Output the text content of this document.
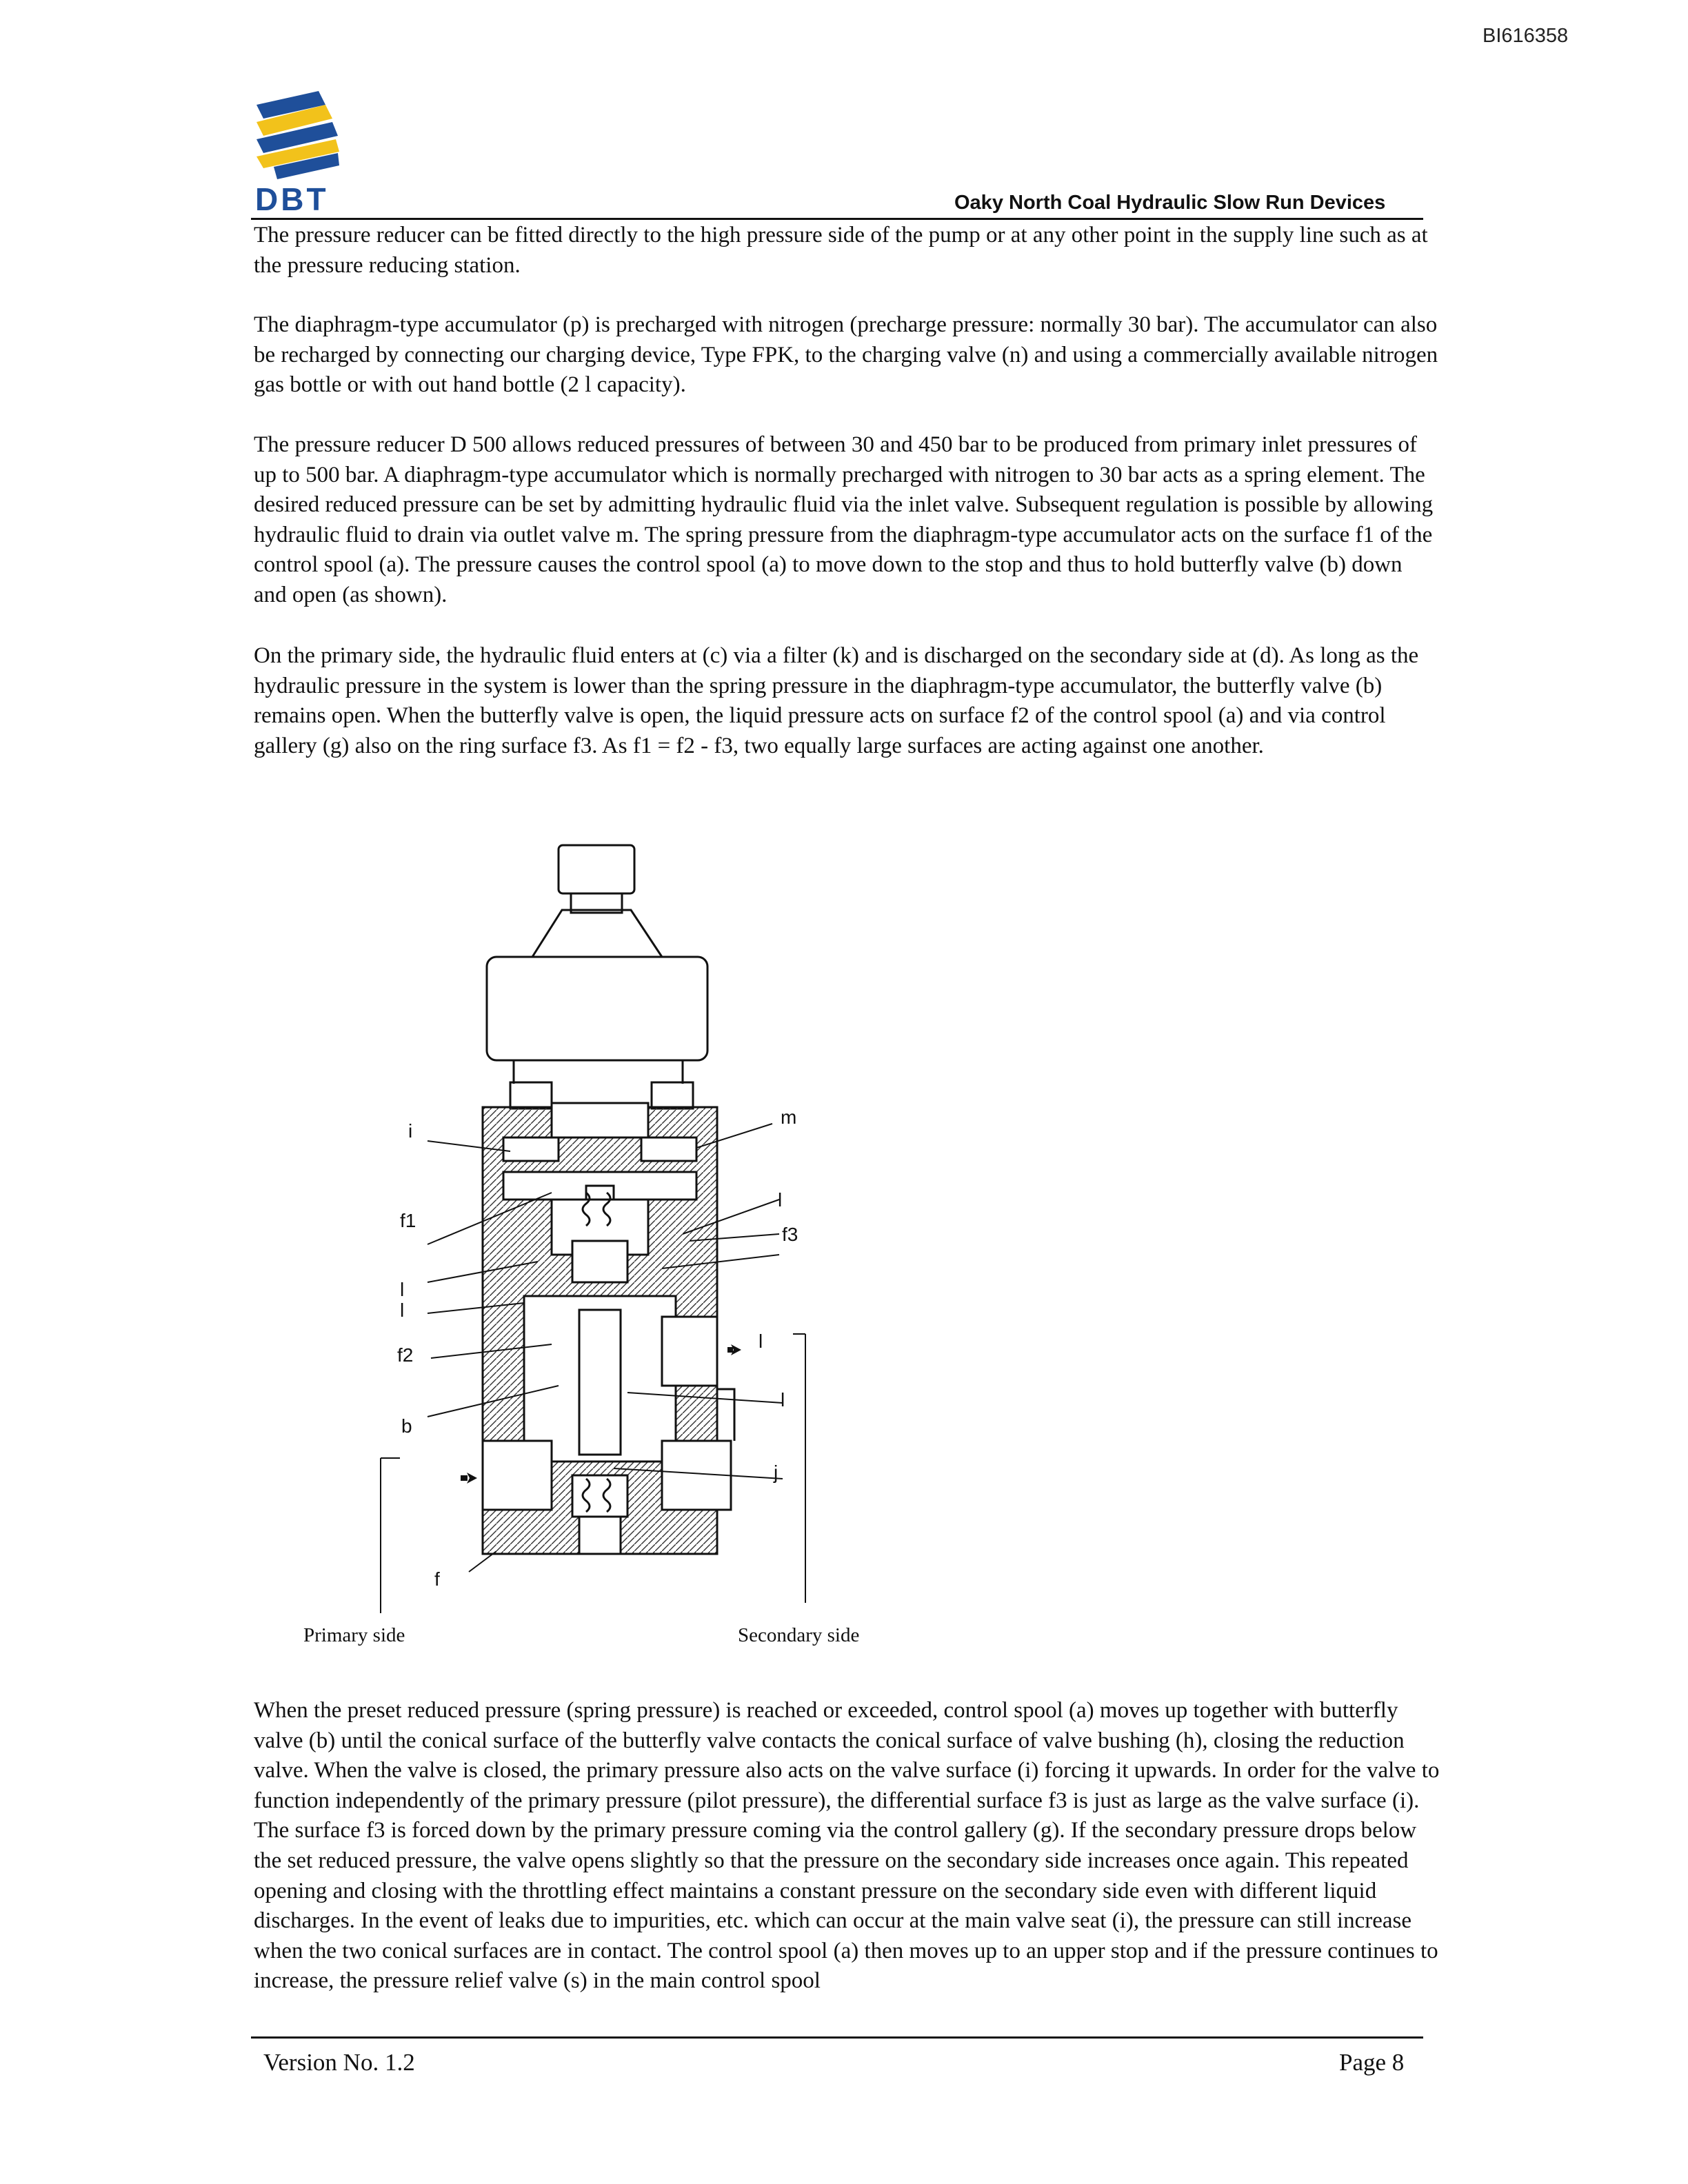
BI616358
DBT	Oaky North Coal Hydraulic Slow Run Devices

The pressure reducer can be fitted directly to the high pressure side of the pump or at any other point in the supply line such as at the pressure reducing station.

The diaphragm-type accumulator (p) is precharged with nitrogen (precharge pressure: normally 30 bar). The accumulator can also be recharged by connecting our charging device, Type FPK, to the charging valve (n) and using a commercially available nitrogen gas bottle or with out hand bottle (2 l capacity).

The pressure reducer D 500 allows reduced pressures of between 30 and 450 bar to be produced from primary inlet pressures of up to 500 bar. A diaphragm-type accumulator which is normally precharged with nitrogen to 30 bar acts as a spring element. The desired reduced pressure can be set by admitting hydraulic fluid via the inlet valve. Subsequent regulation is possible by allowing hydraulic fluid to drain via outlet valve m. The spring pressure from the diaphragm-type accumulator acts on the surface f1 of the control spool (a). The pressure causes the control spool (a) to move down to the stop and thus to hold butterfly valve (b) down and open (as shown).

On the primary side, the hydraulic fluid enters at (c) via a filter (k) and is discharged on the secondary side at (d). As long as the hydraulic pressure in the system is lower than the spring pressure in the diaphragm-type accumulator, the butterfly valve (b) remains open. When the butterfly valve is open, the liquid pressure acts on surface f2 of the control spool (a) and via control gallery (g) also on the ring surface f3. As f1 = f2 - f3, two equally large surfaces are acting against one another.

i
f1
l
l
f2
b
m
l
f3
l
l
j
f
Primary side	Secondary side

When the preset reduced pressure (spring pressure) is reached or exceeded, control spool (a) moves up together with butterfly valve (b) until the conical surface of the butterfly valve contacts the conical surface of valve bushing (h), closing the reduction valve. When the valve is closed, the primary pressure also acts on the valve surface (i) forcing it upwards. In order for the valve to function independently of the primary pressure (pilot pressure), the differential surface f3 is just as large as the valve surface (i). The surface f3 is forced down by the primary pressure coming via the control gallery (g). If the secondary pressure drops below the set reduced pressure, the valve opens slightly so that the pressure on the secondary side increases once again. This repeated opening and closing with the throttling effect maintains a constant pressure on the secondary side even with different liquid discharges. In the event of leaks due to impurities, etc. which can occur at the main valve seat (i), the pressure can still increase when the two conical surfaces are in contact. The control spool (a) then moves up to an upper stop and if the pressure continues to increase, the pressure relief valve (s) in the main control spool

Version No. 1.2	Page 8
